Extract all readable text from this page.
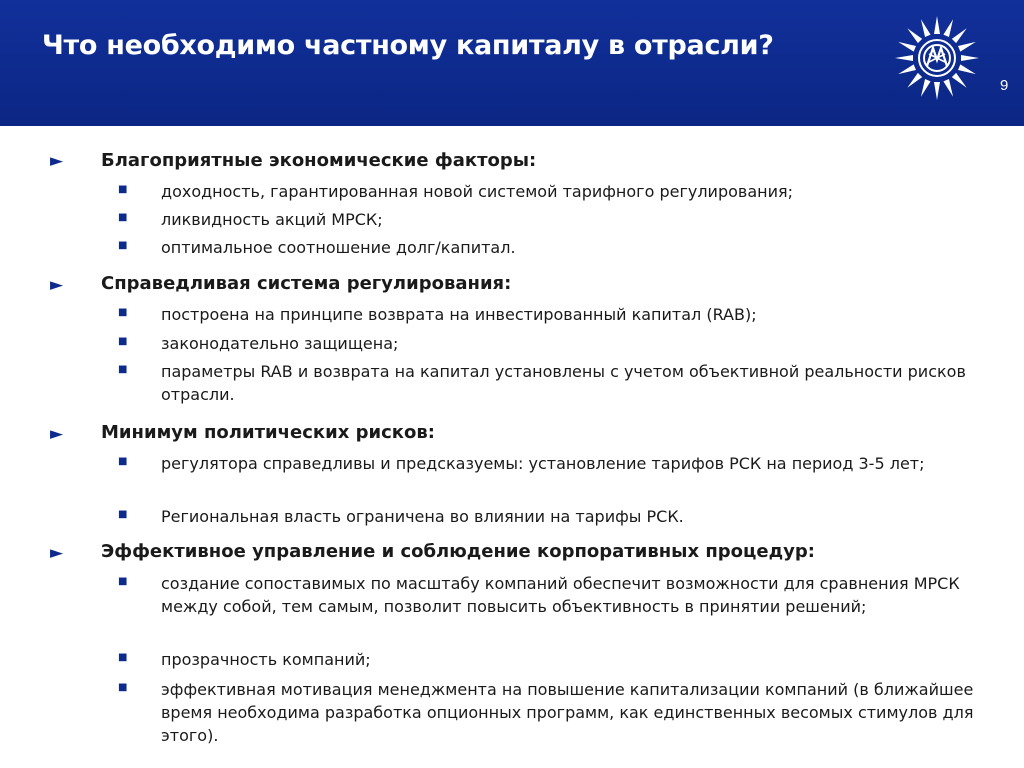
Что необходимо частному капиталу в отрасли?
9
► Благоприятные экономические факторы:
■ доходность, гарантированная новой системой тарифного регулирования;
■ ликвидность акций МРСК;
■ оптимальное соотношение долг/капитал.
► Справедливая система регулирования:
■ построена на принципе возврата на инвестированный капитал (RAB);
■ законодательно защищена;
■ параметры RAB и возврата на капитал установлены с учетом объективной реальности рисков отрасли.
► Минимум политических рисков:
■ регулятора справедливы и предсказуемы: установление тарифов РСК на период 3-5 лет;
■ Региональная власть ограничена во влиянии на тарифы РСК.
► Эффективное управление и соблюдение корпоративных процедур:
■ создание сопоставимых по масштабу компаний обеспечит возможности для сравнения МРСК между собой, тем самым, позволит повысить объективность в принятии решений;
■ прозрачность компаний;
■ эффективная мотивация менеджмента на повышение капитализации компаний (в ближайшее время необходима разработка опционных программ, как единственных весомых стимулов для этого).
